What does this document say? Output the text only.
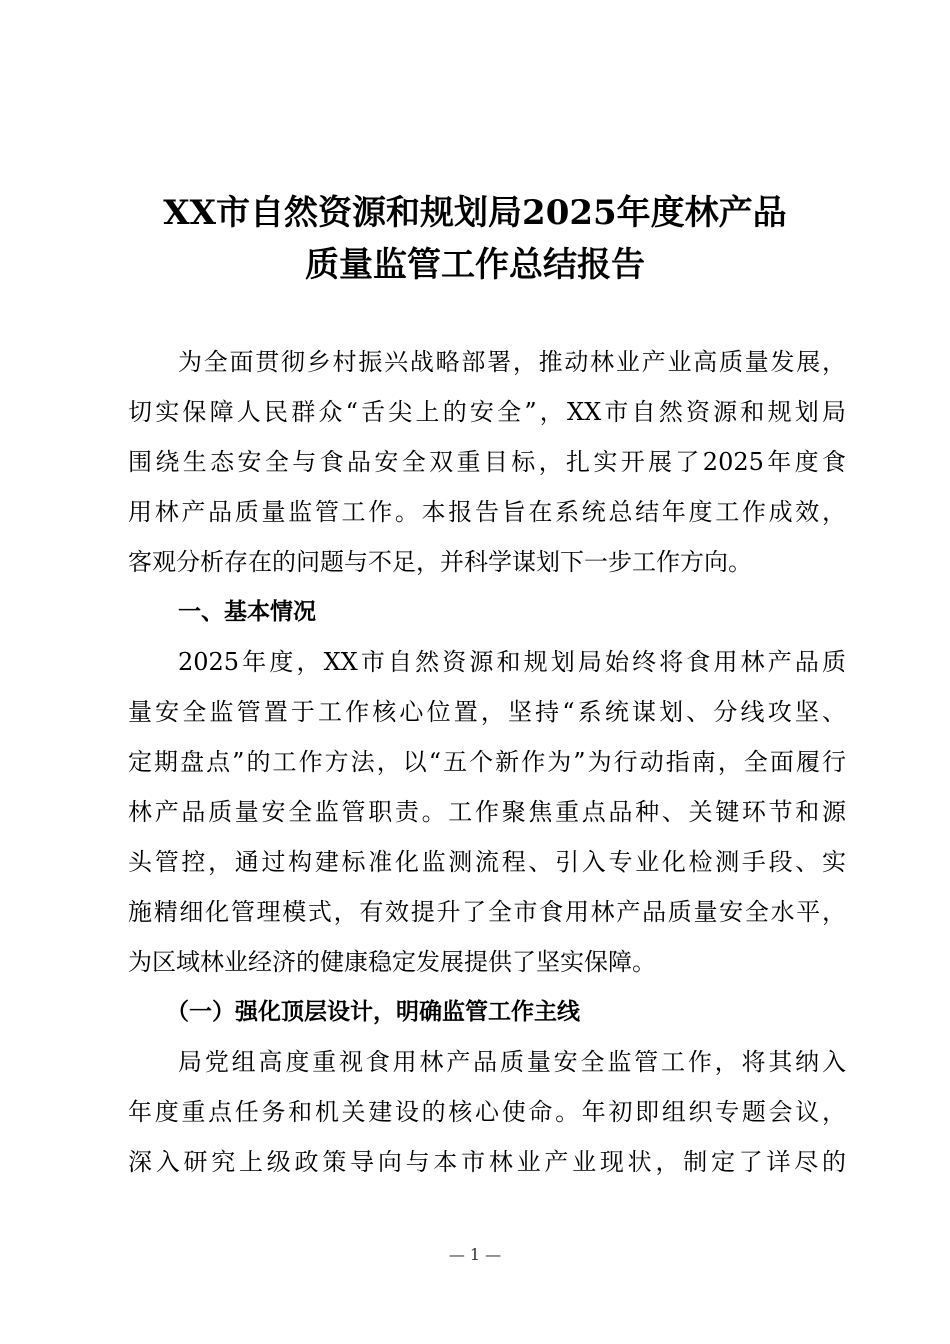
XX市自然资源和规划局2025年度林产品
质量监管工作总结报告
为全面贯彻乡村振兴战略部署，推动林业产业高质量发展，
切实保障人民群众“舌尖上的安全”，XX市自然资源和规划局
围绕生态安全与食品安全双重目标，扎实开展了2025年度食
用林产品质量监管工作。本报告旨在系统总结年度工作成效，
客观分析存在的问题与不足，并科学谋划下一步工作方向。
一、基本情况
2025年度，XX市自然资源和规划局始终将食用林产品质
量安全监管置于工作核心位置，坚持“系统谋划、分线攻坚、
定期盘点”的工作方法，以“五个新作为”为行动指南，全面履行
林产品质量安全监管职责。工作聚焦重点品种、关键环节和源
头管控，通过构建标准化监测流程、引入专业化检测手段、实
施精细化管理模式，有效提升了全市食用林产品质量安全水平，
为区域林业经济的健康稳定发展提供了坚实保障。
（一）强化顶层设计，明确监管工作主线
局党组高度重视食用林产品质量安全监管工作，将其纳入
年度重点任务和机关建设的核心使命。年初即组织专题会议，
深入研究上级政策导向与本市林业产业现状，制定了详尽的
— 1 —
